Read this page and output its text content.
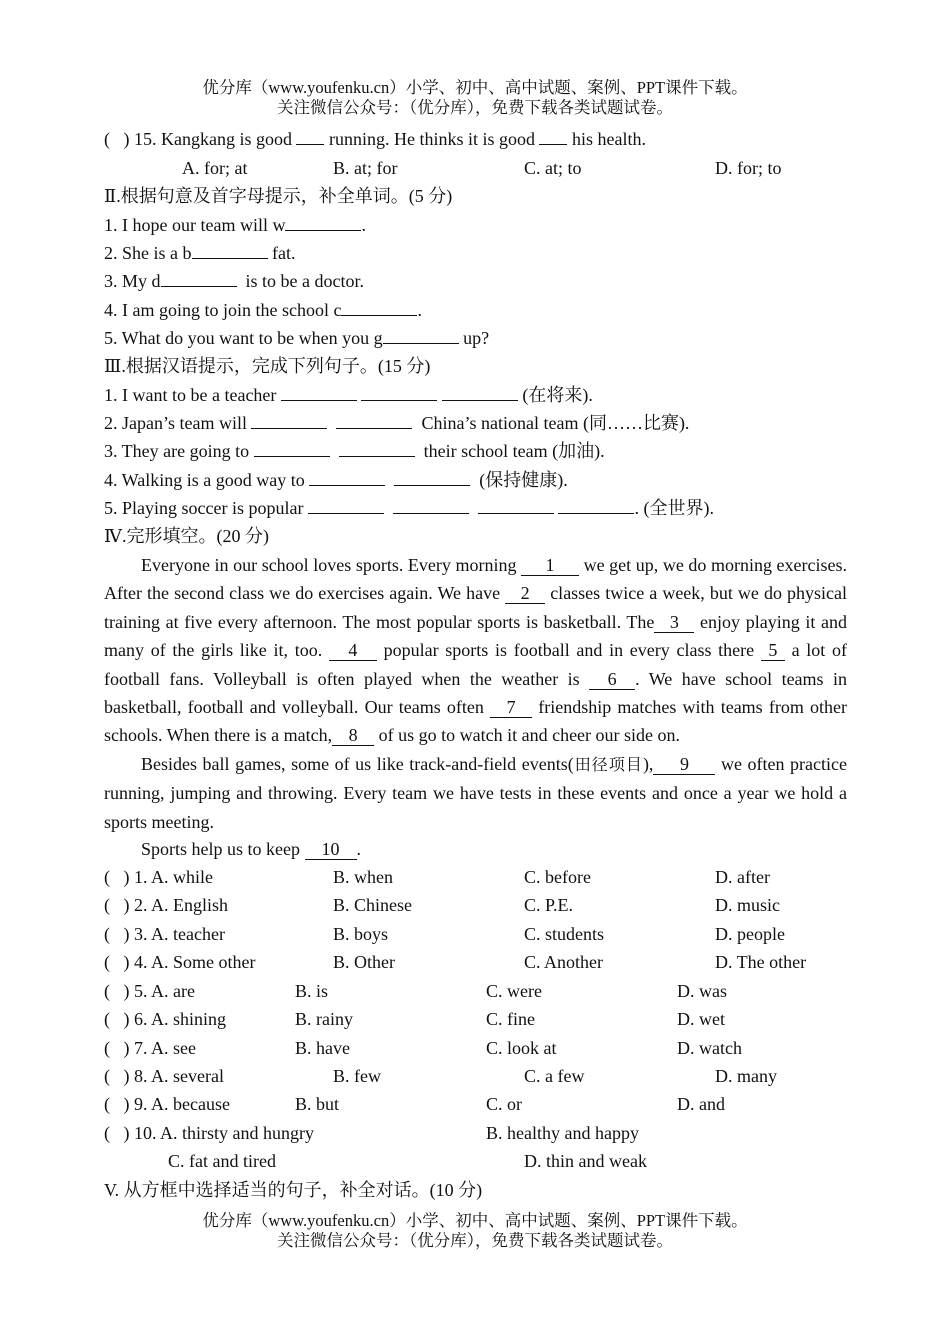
优分库（www.youfenku.cn）小学、初中、高中试题、案例、PPT课件下载。
关注微信公众号：（优分库），免费下载各类试题试卷。
(   ) 15. Kangkang is good  running. He thinks it is good  his health.
A. for; at	B. at; for	C. at; to	D. for; to
Ⅱ.根据句意及首字母提示，补全单词。(5 分)
1. I hope our team will w	.
2. She is a b	fat.
3. My d	is to be a doctor.
4. I am going to join the school c	.
5. What do you want to be when you g	up?
Ⅲ.根据汉语提示，完成下列句子。(15 分)
1. I want to be a teacher	(在将来).
2. Japan’s team will	China’s national team (同……比赛).
3. They are going to	their school team (加油).
4. Walking is a good way to	(保持健康).
5. Playing soccer is popular	. (全世界).
Ⅳ.完形填空。(20 分)
Everyone in our school loves sports. Every morning 1 we get up, we do morning exercises. After the second class we do exercises again. We have 2 classes twice a week, but we do physical training at five every afternoon. The most popular sports is basketball. The 3 enjoy playing it and many of the girls like it, too. 4 popular sports is football and in every class there 5 a lot of football fans. Volleyball is often played when the weather is 6 . We have school teams in basketball, football and volleyball. Our teams often 7 friendship matches with teams from other schools. When there is a match, 8 of us go to watch it and cheer our side on.
Besides ball games, some of us like track-and-field events(田径项目), 9 we often practice running, jumping and throwing. Every team we have tests in these events and once a year we hold a sports meeting.
Sports help us to keep 10 .
(   ) 1. A. while	B. when	C. before	D. after
(   ) 2. A. English	B. Chinese	C. P.E.	D. music
(   ) 3. A. teacher	B. boys	C. students	D. people
(   ) 4. A. Some other	B. Other	C. Another	D. The other
(   ) 5. A. are	B. is	C. were	D. was
(   ) 6. A. shining	B. rainy	C. fine	D. wet
(   ) 7. A. see	B. have	C. look at	D. watch
(   ) 8. A. several	B. few	C. a few	D. many
(   ) 9. A. because	B. but	C. or	D. and
(   ) 10. A. thirsty and hungry	B. healthy and happy
C. fat and tired	D. thin and weak
V. 从方框中选择适当的句子，补全对话。(10 分)
优分库（www.youfenku.cn）小学、初中、高中试题、案例、PPT课件下载。
关注微信公众号：（优分库），免费下载各类试题试卷。
